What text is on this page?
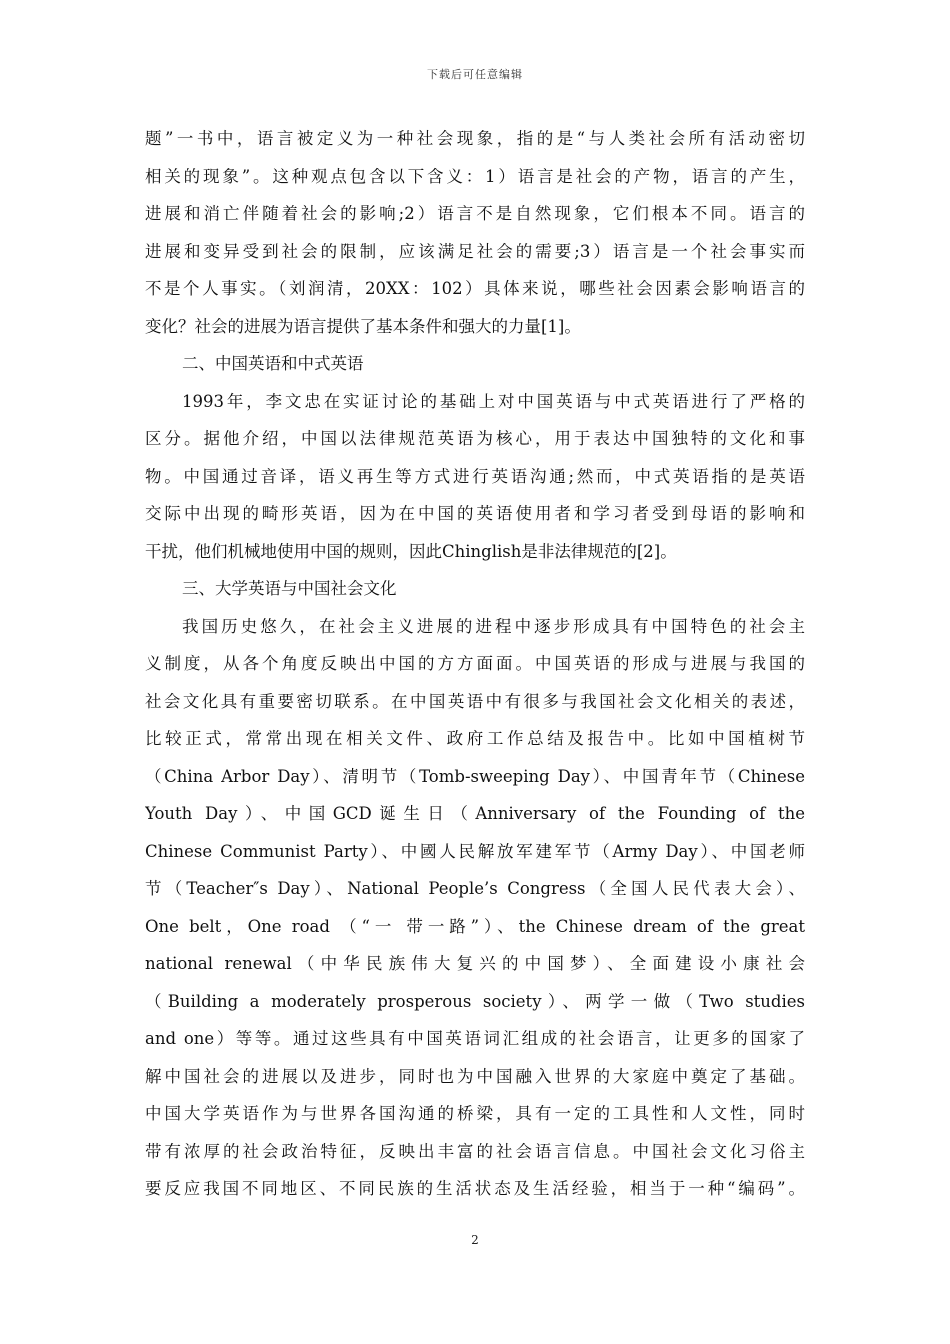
下载后可任意编辑
题”一书中，语言被定义为一种社会现象，指的是“与人类社会所有活动密切
相关的现象”。这种观点包含以下含义：1）语言是社会的产物，语言的产生，
进展和消亡伴随着社会的影响;2）语言不是自然现象，它们根本不同。语言的
进展和变异受到社会的限制，应该满足社会的需要;3）语言是一个社会事实而
不是个人事实。（刘润清，20XX：102）具体来说，哪些社会因素会影响语言的
变化？社会的进展为语言提供了基本条件和强大的力量[1]。
二、中国英语和中式英语
1993年，李文忠在实证讨论的基础上对中国英语与中式英语进行了严格的
区分。据他介绍，中国以法律规范英语为核心，用于表达中国独特的文化和事
物。中国通过音译，语义再生等方式进行英语沟通;然而，中式英语指的是英语
交际中出现的畸形英语，因为在中国的英语使用者和学习者受到母语的影响和
干扰，他们机械地使用中国的规则，因此Chinglish是非法律规范的[2]。
三、大学英语与中国社会文化
我国历史悠久，在社会主义进展的进程中逐步形成具有中国特色的社会主
义制度，从各个角度反映出中国的方方面面。中国英语的形成与进展与我国的
社会文化具有重要密切联系。在中国英语中有很多与我国社会文化相关的表述，
比较正式，常常出现在相关文件、政府工作总结及报告中。比如中国植树节
（China Arbor Day）、清明节（Tomb-sweeping Day）、中国青年节（Chinese
Youth Day）、中国GCD诞生日（Anniversary of the Founding of the
Chinese Communist Party）、中國人民解放军建军节（Army Day）、中国老师
节（Teacher″s Day）、National People’s Congress（全国人民代表大会）、
One belt，One road （“一 带一路”）、the Chinese dream of the great
national renewal（中华民族伟大复兴的中国梦）、全面建设小康社会
（Building a moderately prosperous society）、两学一做（Two studies
and one）等等。通过这些具有中国英语词汇组成的社会语言，让更多的国家了
解中国社会的进展以及进步，同时也为中国融入世界的大家庭中奠定了基础。
中国大学英语作为与世界各国沟通的桥梁，具有一定的工具性和人文性，同时
带有浓厚的社会政治特征，反映出丰富的社会语言信息。中国社会文化习俗主
要反应我国不同地区、不同民族的生活状态及生活经验，相当于一种“编码”。
2
